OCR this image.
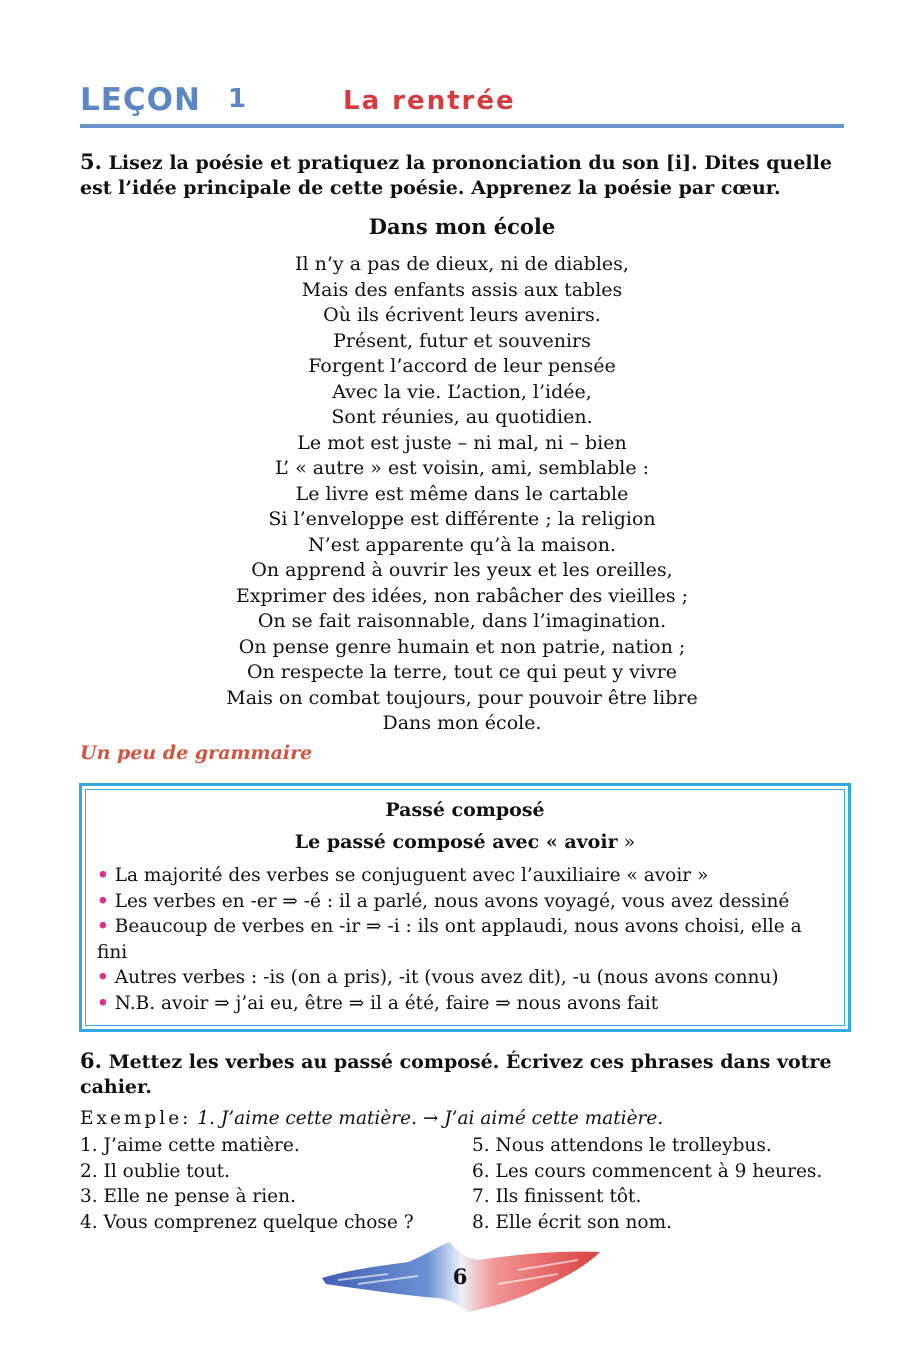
LEÇON 1	La rentrée
5. Lisez la poésie et pratiquez la prononciation du son [i]. Dites quelle
est l’idée principale de cette poésie. Apprenez la poésie par cœur.
Dans mon école
Il n’y a pas de dieux, ni de diables,
Mais des enfants assis aux tables
Où ils écrivent leurs avenirs.
Présent, futur et souvenirs
Forgent l’accord de leur pensée
Avec la vie. L’action, l’idée,
Sont réunies, au quotidien.
Le mot est juste – ni mal, ni – bien
L’ « autre » est voisin, ami, semblable :
Le livre est même dans le cartable
Si l’enveloppe est différente ; la religion
N’est apparente qu’à la maison.
On apprend à ouvrir les yeux et les oreilles,
Exprimer des idées, non rabâcher des vieilles ;
On se fait raisonnable, dans l’imagination.
On pense genre humain et non patrie, nation ;
On respecte la terre, tout ce qui peut y vivre
Mais on combat toujours, pour pouvoir être libre
Dans mon école.
Un peu de grammaire
Passé composé
Le passé composé avec « avoir »
• La majorité des verbes se conjuguent avec l’auxiliaire « avoir »
• Les verbes en -er ⇒ -é : il a parlé, nous avons voyagé, vous avez dessiné
• Beaucoup de verbes en -ir ⇒ -i : ils ont applaudi, nous avons choisi, elle a fini
• Autres verbes : -is (on a pris), -it (vous avez dit), -u (nous avons connu)
• N.B. avoir ⇒ j’ai eu, être ⇒ il a été, faire ⇒ nous avons fait
6. Mettez les verbes au passé composé. Écrivez ces phrases dans votre
cahier.
Exemple: 1. J’aime cette matière. → J’ai aimé cette matière.
1. J’aime cette matière.
2. Il oublie tout.
3. Elle ne pense à rien.
4. Vous comprenez quelque chose ?
5. Nous attendons le trolleybus.
6. Les cours commencent à 9 heures.
7. Ils finissent tôt.
8. Elle écrit son nom.
6
